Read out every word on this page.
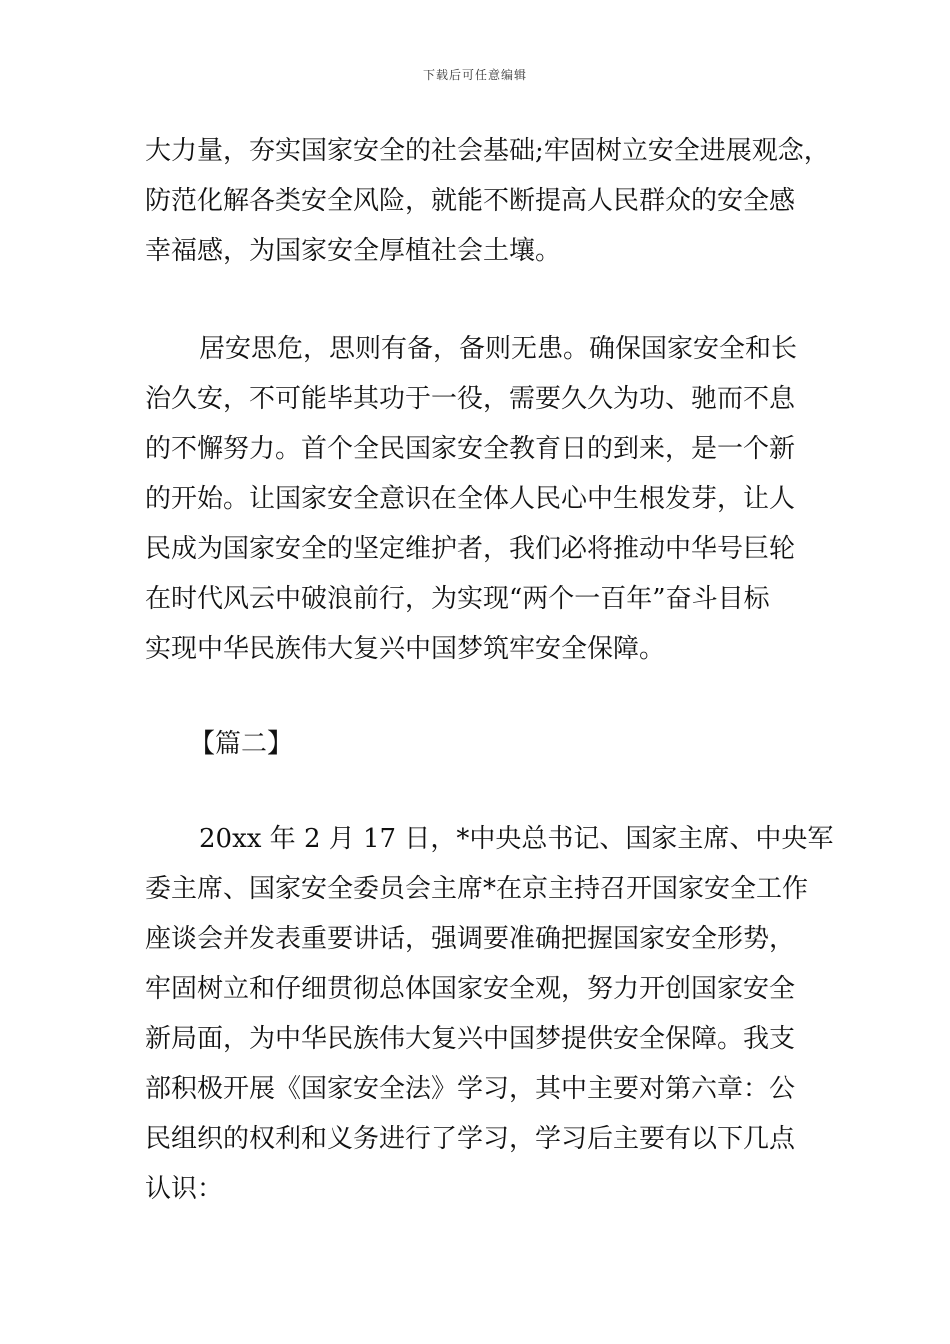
下载后可任意编辑
大力量，夯实国家安全的社会基础;牢固树立安全进展观念，
防范化解各类安全风险，就能不断提高人民群众的安全感
幸福感，为国家安全厚植社会土壤。
居安思危，思则有备，备则无患。确保国家安全和长
治久安，不可能毕其功于一役，需要久久为功、驰而不息
的不懈努力。首个全民国家安全教育日的到来，是一个新
的开始。让国家安全意识在全体人民心中生根发芽，让人
民成为国家安全的坚定维护者，我们必将推动中华号巨轮
在时代风云中破浪前行，为实现“两个一百年”奋斗目标
实现中华民族伟大复兴中国梦筑牢安全保障。
【篇二】
20xx 年 2 月 17 日，*中央总书记、国家主席、中央军
委主席、国家安全委员会主席*在京主持召开国家安全工作
座谈会并发表重要讲话，强调要准确把握国家安全形势，
牢固树立和仔细贯彻总体国家安全观，努力开创国家安全
新局面，为中华民族伟大复兴中国梦提供安全保障。我支
部积极开展《国家安全法》学习，其中主要对第六章：公
民组织的权利和义务进行了学习，学习后主要有以下几点
认识：
